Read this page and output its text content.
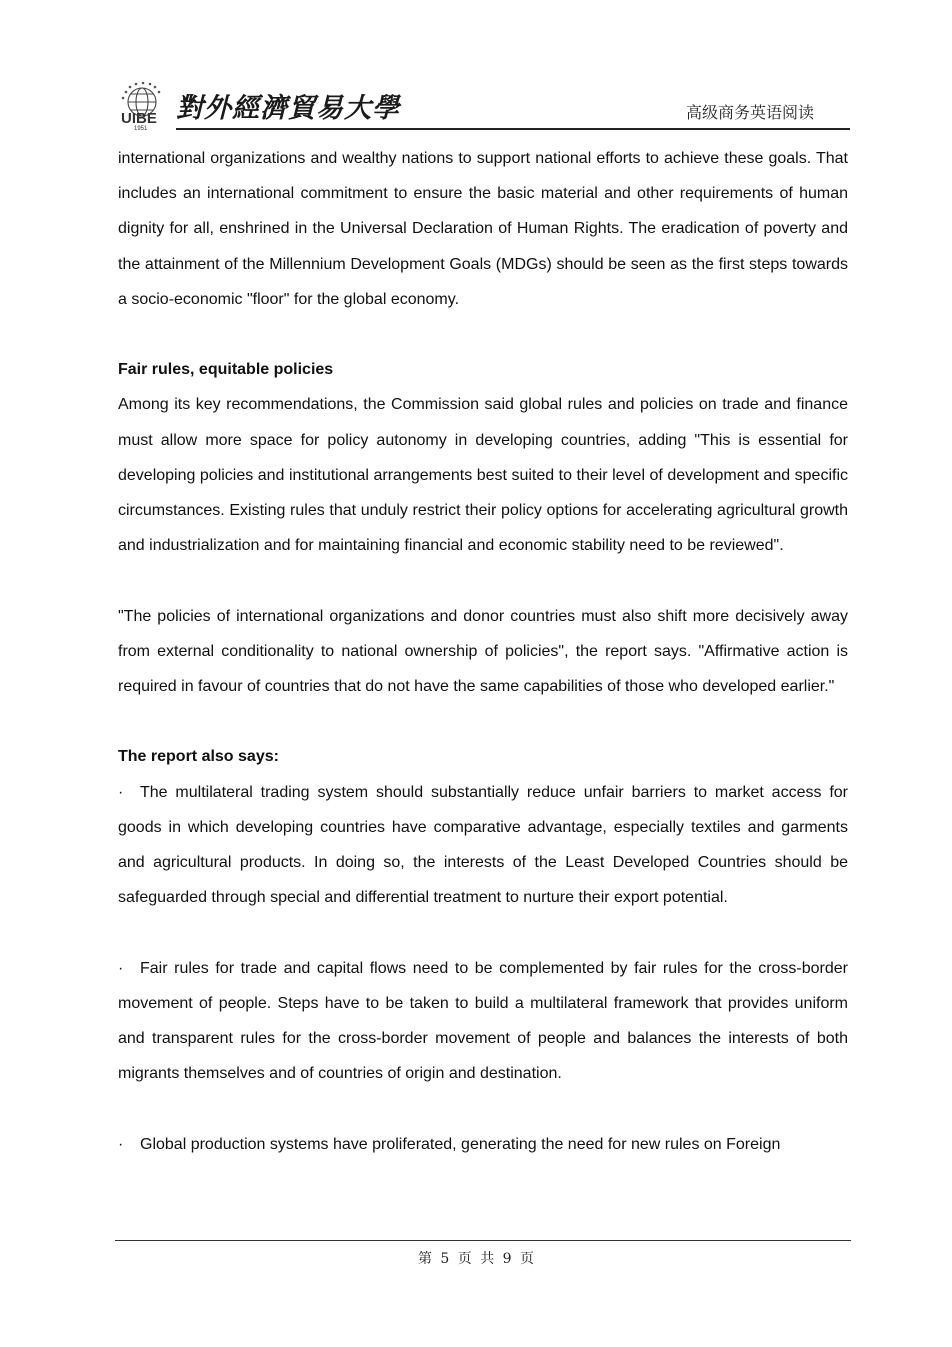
UIBE
1951
對外經濟貿易大學	高级商务英语阅读

international organizations and wealthy nations to support national efforts to achieve these goals. That includes an international commitment to ensure the basic material and other requirements of human dignity for all, enshrined in the Universal Declaration of Human Rights. The eradication of poverty and the attainment of the Millennium Development Goals (MDGs) should be seen as the first steps towards a socio-economic "floor" for the global economy.

Fair rules, equitable policies

Among its key recommendations, the Commission said global rules and policies on trade and finance must allow more space for policy autonomy in developing countries, adding "This is essential for developing policies and institutional arrangements best suited to their level of development and specific circumstances. Existing rules that unduly restrict their policy options for accelerating agricultural growth and industrialization and for maintaining financial and economic stability need to be reviewed".

"The policies of international organizations and donor countries must also shift more decisively away from external conditionality to national ownership of policies", the report says. "Affirmative action is required in favour of countries that do not have the same capabilities of those who developed earlier."

The report also says:

· The multilateral trading system should substantially reduce unfair barriers to market access for goods in which developing countries have comparative advantage, especially textiles and garments and agricultural products. In doing so, the interests of the Least Developed Countries should be safeguarded through special and differential treatment to nurture their export potential.

· Fair rules for trade and capital flows need to be complemented by fair rules for the cross-border movement of people. Steps have to be taken to build a multilateral framework that provides uniform and transparent rules for the cross-border movement of people and balances the interests of both migrants themselves and of countries of origin and destination.

· Global production systems have proliferated, generating the need for new rules on Foreign

第 5 页 共 9 页
